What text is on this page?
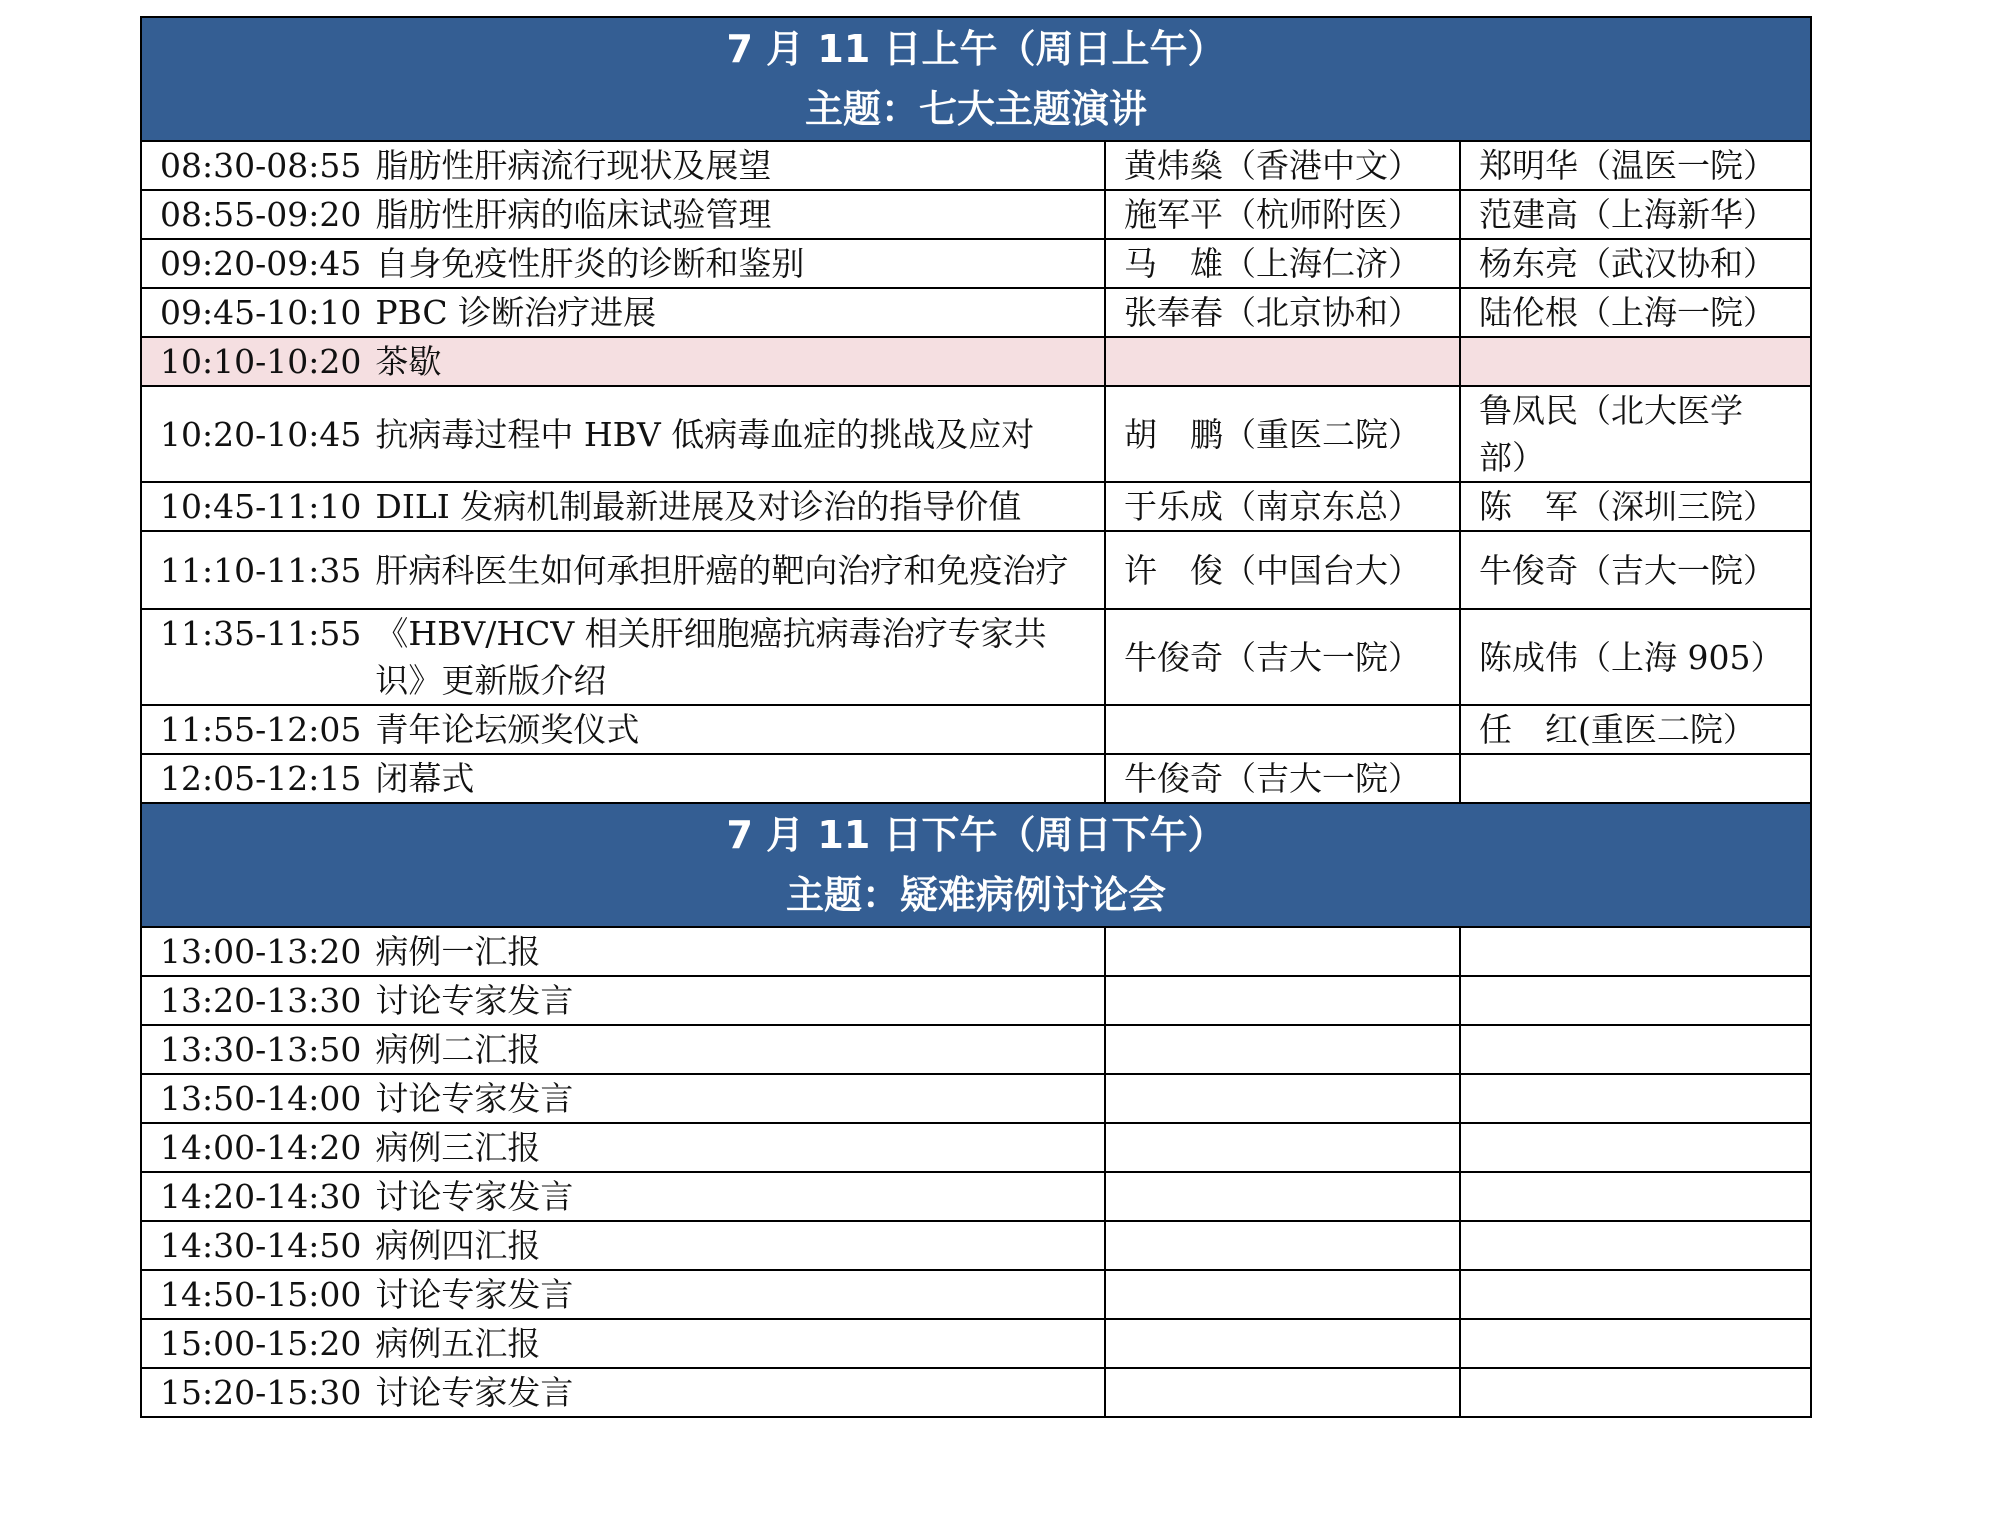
7 月 11 日上午（周日上午）
主题：七大主题演讲		

08:30-08:55 脂肪性肝病流行现状及展望	黄炜燊（香港中文）	郑明华（温医一院）

08:55-09:20 脂肪性肝病的临床试验管理	施军平（杭师附医）	范建高（上海新华）

09:20-09:45 自身免疫性肝炎的诊断和鉴别	马　雄（上海仁济）	杨东亮（武汉协和）

09:45-10:10 PBC 诊断治疗进展	张奉春（北京协和）	陆伦根（上海一院）

10:10-10:20 茶歇		

10:20-10:45 抗病毒过程中 HBV 低病毒血症的挑战及应对	胡　鹏（重医二院）	鲁凤民（北大医学部）

10:45-11:10 DILI 发病机制最新进展及对诊治的指导价值	于乐成（南京东总）	陈　军（深圳三院）

11:10-11:35 肝病科医生如何承担肝癌的靶向治疗和免疫治疗	许　俊（中国台大）	牛俊奇（吉大一院）

11:35-11:55 《HBV/HCV 相关肝细胞癌抗病毒治疗专家共识》更新版介绍	牛俊奇（吉大一院）	陈成伟（上海 905）

11:55-12:05 青年论坛颁奖仪式		任　红(重医二院）

12:05-12:15 闭幕式	牛俊奇（吉大一院）	

7 月 11 日下午（周日下午）
主题：疑难病例讨论会		

13:00-13:20 病例一汇报		

13:20-13:30 讨论专家发言		

13:30-13:50 病例二汇报		

13:50-14:00 讨论专家发言		

14:00-14:20 病例三汇报		

14:20-14:30 讨论专家发言		

14:30-14:50 病例四汇报		

14:50-15:00 讨论专家发言		

15:00-15:20 病例五汇报		

15:20-15:30 讨论专家发言		
